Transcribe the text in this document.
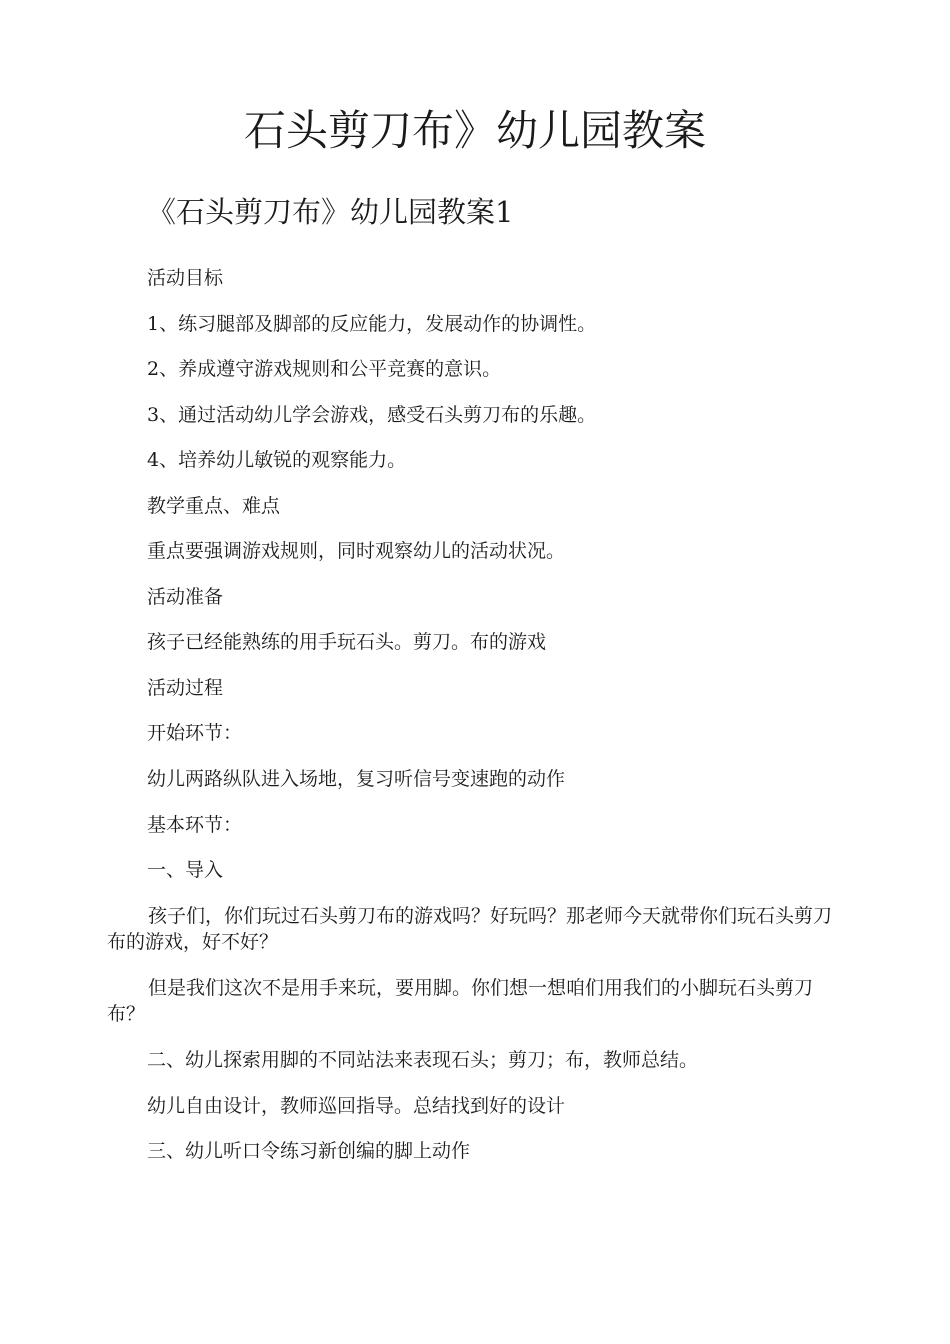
石头剪刀布》幼儿园教案
《石头剪刀布》幼儿园教案1

活动目标

1、练习腿部及脚部的反应能力，发展动作的协调性。

2、养成遵守游戏规则和公平竞赛的意识。

3、通过活动幼儿学会游戏，感受石头剪刀布的乐趣。

4、培养幼儿敏锐的观察能力。

教学重点、难点

重点要强调游戏规则，同时观察幼儿的活动状况。

活动准备

孩子已经能熟练的用手玩石头。剪刀。布的游戏

活动过程

开始环节：

幼儿两路纵队进入场地，复习听信号变速跑的动作

基本环节：

一、导入

孩子们，你们玩过石头剪刀布的游戏吗？好玩吗？那老师今天就带你们玩石头剪刀布的游戏，好不好？

但是我们这次不是用手来玩，要用脚。你们想一想咱们用我们的小脚玩石头剪刀布？

二、幼儿探索用脚的不同站法来表现石头；剪刀；布，教师总结。

幼儿自由设计，教师巡回指导。总结找到好的设计

三、幼儿听口令练习新创编的脚上动作
